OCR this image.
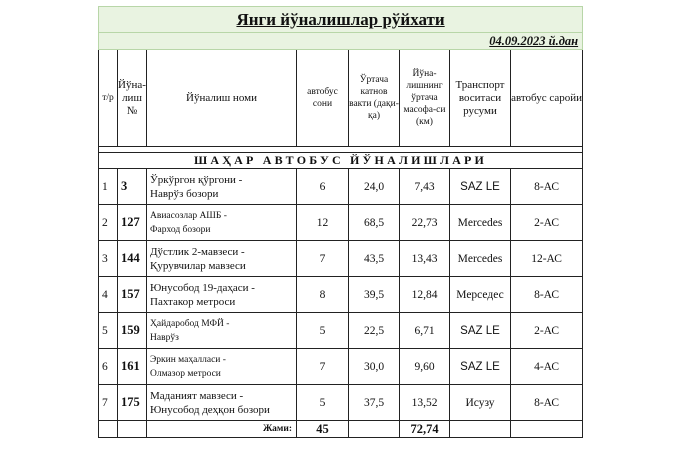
Янги йўналишлар рўйхати							
04.09.2023 й.дан							
т/р	Йўна-лиш №	Йўналиш номи	автобус сони	Ўртача катнов вакти (дақи-қа)	Йўна-лишнинг ўртача масофа-си (км)	Транспорт воситаси русуми	автобус саройи

ШАҲАР АВТОБУС ЙЎНАЛИШЛАРИ							
1	3	Ўркўргон қўргони -
Наврўз бозори	6	24,0	7,43	SAZ LE	8-АС
2	127	Авиасозлар АШБ -
Фарход бозори	12	68,5	22,73	Mercedes	2-АС
3	144	Дўстлик 2-мавзеси -
Қурувчилар мавзеси	7	43,5	13,43	Mercedes	12-АС
4	157	Юнусобод 19-даҳаси -
Пахтакор метроси	8	39,5	12,84	Мерседес	8-АС
5	159	Ҳайдаробод МФЙ -
Наврўз	5	22,5	6,71	SAZ LE	2-АС
6	161	Эркин маҳалласи -
Олмазор метроси	7	30,0	9,60	SAZ LE	4-АС
7	175	Маданият мавзеси -
Юнусобод деҳқон бозори	5	37,5	13,52	Исузу	8-АС
		Жами:	45		72,74		
